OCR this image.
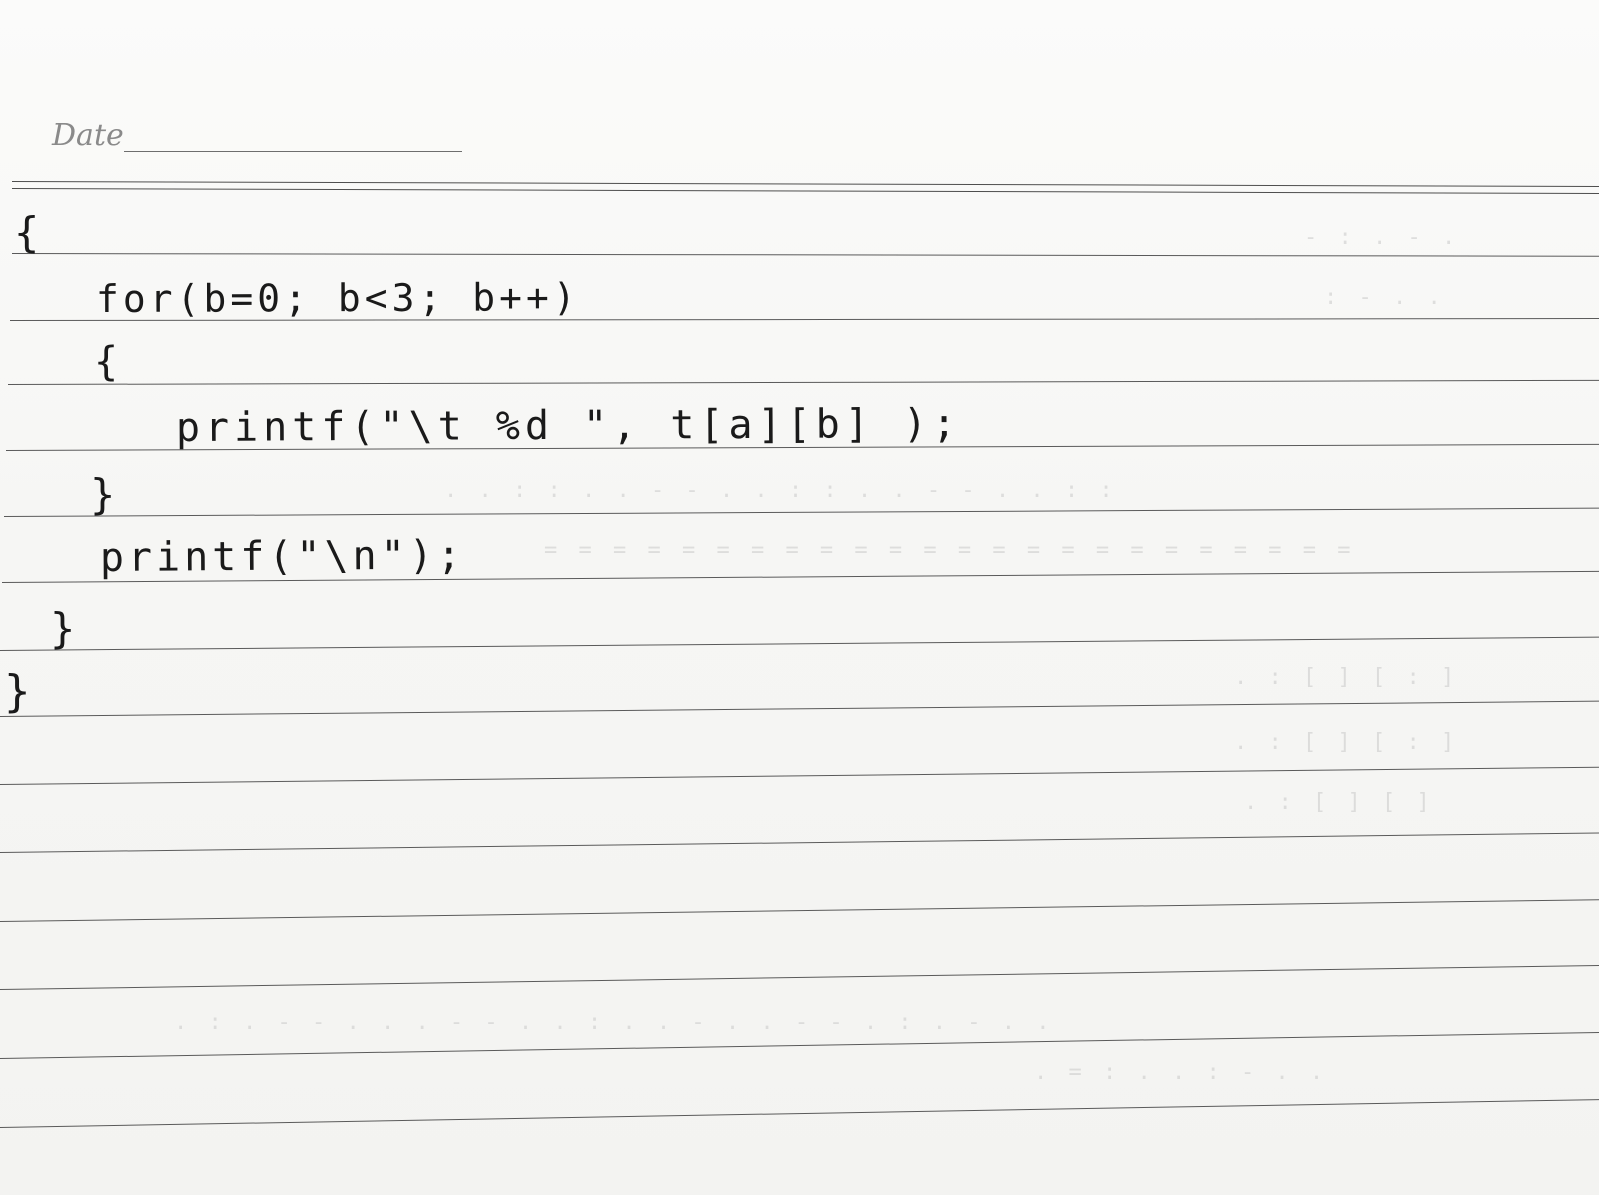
. - . : -
. . - :
: : . . - - . . : : . . - - . . : : . .
= = = = = = = = = = = = = = = = = = = = = = = =
[ : ] [ ] : .
[ : ] [ ] : .
[ ] [ ] : .
. . - . : . - - . . - . . : . . - - . . . - - . : .
. . - : . . : = .
Date
{
for(b=0; b<3; b++)
{
printf("\t %d ", t[a][b] );
}
printf("\n");
}
}
